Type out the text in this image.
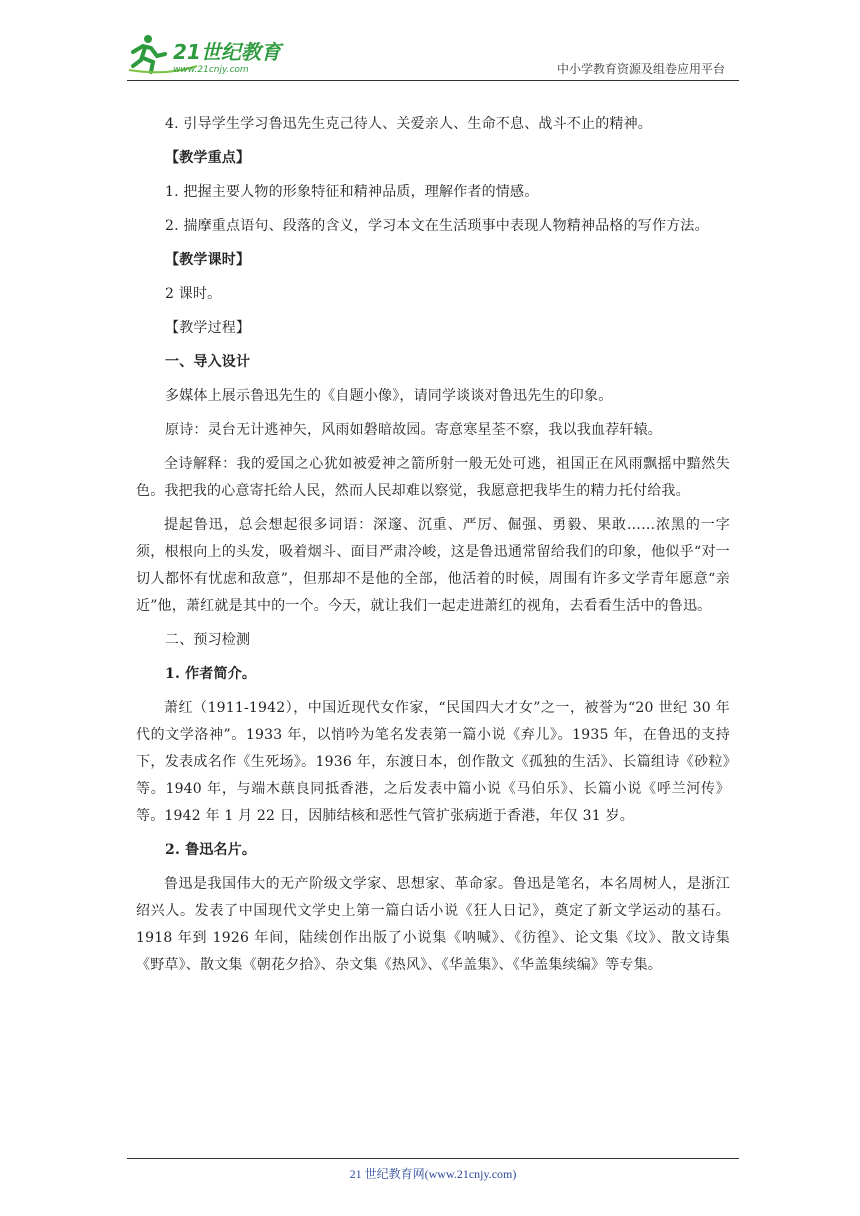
21世纪教育
www.21cnjy.com	中小学教育资源及组卷应用平台

4. 引导学生学习鲁迅先生克己待人、关爱亲人、生命不息、战斗不止的精神。

【教学重点】

1. 把握主要人物的形象特征和精神品质，理解作者的情感。

2. 揣摩重点语句、段落的含义，学习本文在生活琐事中表现人物精神品格的写作方法。

【教学课时】

2 课时。

【教学过程】

一、导入设计

多媒体上展示鲁迅先生的《自题小像》，请同学谈谈对鲁迅先生的印象。

原诗：灵台无计逃神矢，风雨如磐暗故园。寄意寒星荃不察，我以我血荐轩辕。

全诗解释：我的爱国之心犹如被爱神之箭所射一般无处可逃，祖国正在风雨飘摇中黯然失色。我把我的心意寄托给人民，然而人民却难以察觉，我愿意把我毕生的精力托付给我。

提起鲁迅，总会想起很多词语：深邃、沉重、严厉、倔强、勇毅、果敢……浓黑的一字须，根根向上的头发，吸着烟斗、面目严肃冷峻，这是鲁迅通常留给我们的印象，他似乎“对一切人都怀有忧虑和敌意”，但那却不是他的全部，他活着的时候，周围有许多文学青年愿意“亲近”他，萧红就是其中的一个。今天，就让我们一起走进萧红的视角，去看看生活中的鲁迅。

二、预习检测

1. 作者简介。

萧红（1911-1942），中国近现代女作家，“民国四大才女”之一，被誉为“20 世纪 30 年代的文学洛神”。1933 年，以悄吟为笔名发表第一篇小说《弃儿》。1935 年，在鲁迅的支持下，发表成名作《生死场》。1936 年，东渡日本，创作散文《孤独的生活》、长篇组诗《砂粒》等。1940 年，与端木蕻良同抵香港，之后发表中篇小说《马伯乐》、长篇小说《呼兰河传》等。1942 年 1 月 22 日，因肺结核和恶性气管扩张病逝于香港，年仅 31 岁。

2. 鲁迅名片。

鲁迅是我国伟大的无产阶级文学家、思想家、革命家。鲁迅是笔名，本名周树人，是浙江绍兴人。发表了中国现代文学史上第一篇白话小说《狂人日记》，奠定了新文学运动的基石。1918 年到 1926 年间，陆续创作出版了小说集《呐喊》、《彷徨》、论文集《坟》、散文诗集《野草》、散文集《朝花夕拾》、杂文集《热风》、《华盖集》、《华盖集续编》等专集。

21 世纪教育网(www.21cnjy.com)
